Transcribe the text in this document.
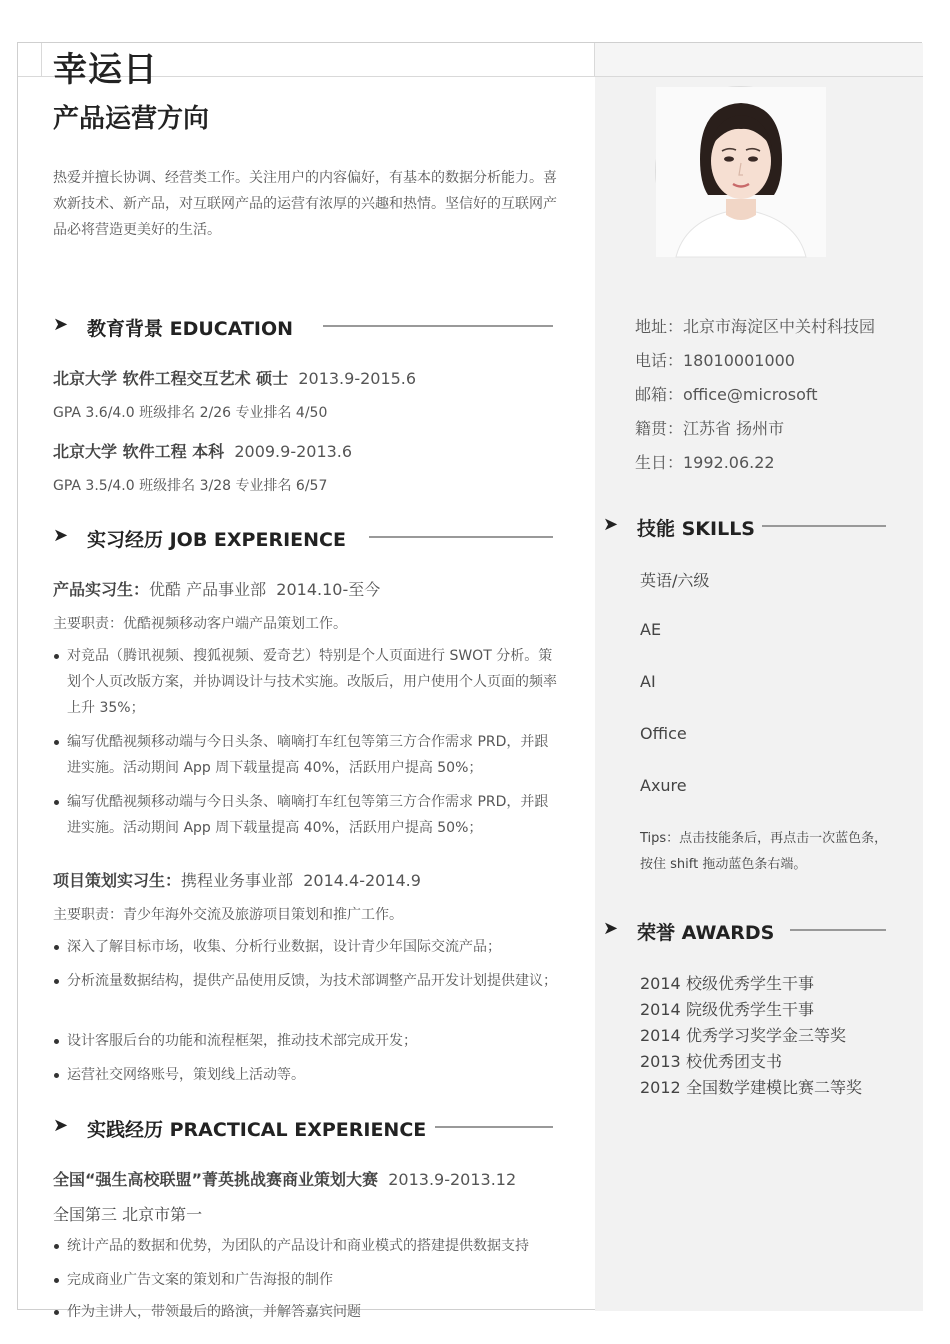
幸运日
产品运营方向
热爱并擅长协调、经营类工作。关注用户的内容偏好，有基本的数据分析能力。喜欢新技术、新产品，对互联网产品的运营有浓厚的兴趣和热情。坚信好的互联网产品必将营造更美好的生活。
➤ 教育背景 EDUCATION
北京大学 软件工程交互艺术 硕士 2013.9-2015.6
GPA 3.6/4.0 班级排名 2/26 专业排名 4/50
北京大学 软件工程 本科 2009.9-2013.6
GPA 3.5/4.0 班级排名 3/28 专业排名 6/57
➤ 实习经历 JOB EXPERIENCE
产品实习生：优酷 产品事业部 2014.10-至今
主要职责：优酷视频移动客户端产品策划工作。
对竞品（腾讯视频、搜狐视频、爱奇艺）特别是个人页面进行 SWOT 分析。策划个人页改版方案，并协调设计与技术实施。改版后，用户使用个人页面的频率上升 35%；
编写优酷视频移动端与今日头条、嘀嘀打车红包等第三方合作需求 PRD，并跟进实施。活动期间 App 周下载量提高 40%，活跃用户提高 50%；
编写优酷视频移动端与今日头条、嘀嘀打车红包等第三方合作需求 PRD，并跟进实施。活动期间 App 周下载量提高 40%，活跃用户提高 50%；
项目策划实习生：携程业务事业部 2014.4-2014.9
主要职责：青少年海外交流及旅游项目策划和推广工作。
深入了解目标市场，收集、分析行业数据，设计青少年国际交流产品；
分析流量数据结构，提供产品使用反馈，为技术部调整产品开发计划提供建议；
设计客服后台的功能和流程框架，推动技术部完成开发；
运营社交网络账号，策划线上活动等。
➤ 实践经历 PRACTICAL EXPERIENCE
全国“强生高校联盟”菁英挑战赛商业策划大赛 2013.9-2013.12
全国第三 北京市第一
统计产品的数据和优势，为团队的产品设计和商业模式的搭建提供数据支持
完成商业广告文案的策划和广告海报的制作
作为主讲人，带领最后的路演，并解答嘉宾问题
地址：北京市海淀区中关村科技园
电话：18010001000
邮箱：office@microsoft
籍贯：江苏省 扬州市
生日：1992.06.22
➤ 技能 SKILLS
英语/六级
AE
AI
Office
Axure
Tips：点击技能条后，再点击一次蓝色条，按住 shift 拖动蓝色条右端。
➤ 荣誉 AWARDS
2014 校级优秀学生干事
2014 院级优秀学生干事
2014 优秀学习奖学金三等奖
2013 校优秀团支书
2012 全国数学建模比赛二等奖
